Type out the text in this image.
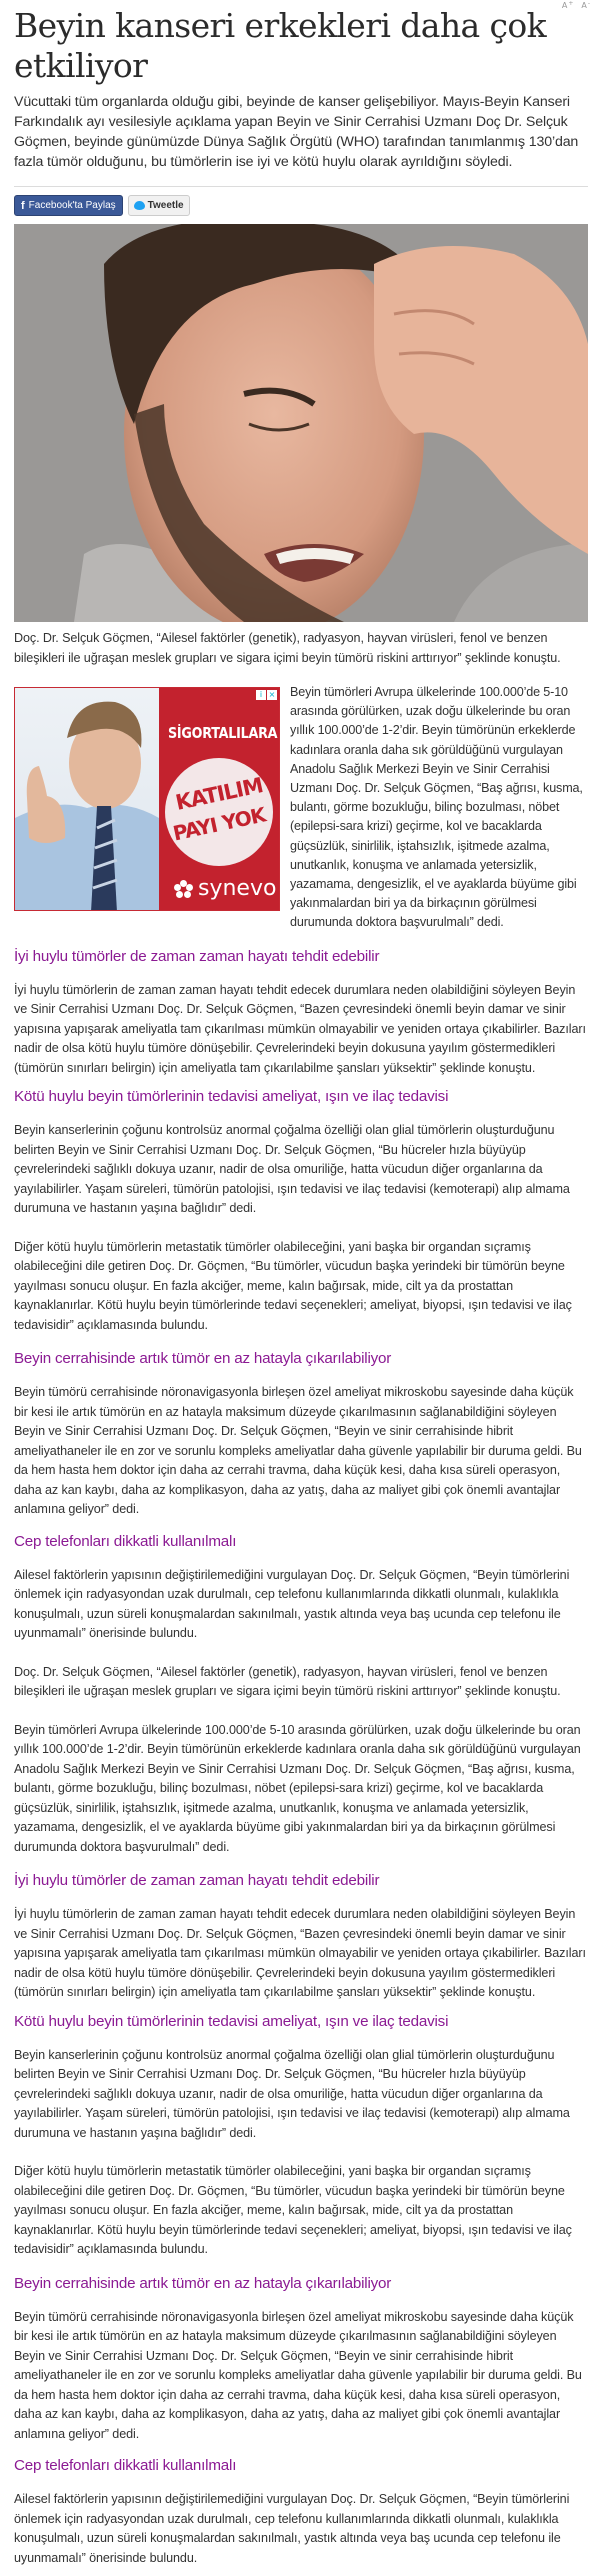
A + A -
Beyin kanseri erkekleri daha çok etkiliyor

Vücuttaki tüm organlarda olduğu gibi, beyinde de kanser gelişebiliyor. Mayıs-Beyin Kanseri Farkındalık ayı vesilesiyle açıklama yapan Beyin ve Sinir Cerrahisi Uzmanı Doç Dr. Selçuk Göçmen, beyinde günümüzde Dünya Sağlık Örgütü (WHO) tarafından tanımlanmış 130’dan fazla tümör olduğunu, bu tümörlerin ise iyi ve kötü huylu olarak ayrıldığını söyledi.

f Facebook'ta Paylaş	Tweetle

Doç. Dr. Selçuk Göçmen, “Ailesel faktörler (genetik), radyasyon, hayvan virüsleri, fenol ve benzen bileşikleri ile uğraşan meslek grupları ve sigara içimi beyin tümörü riskini arttırıyor” şeklinde konuştu.

i ×
SİGORTALILARA
KATILIM
PAYI YOK
synevo
Beyin tümörleri Avrupa ülkelerinde 100.000’de 5-10 arasında görülürken, uzak doğu ülkelerinde bu oran yıllık 100.000’de 1-2’dir. Beyin tümörünün erkeklerde kadınlara oranla daha sık görüldüğünü vurgulayan Anadolu Sağlık Merkezi Beyin ve Sinir Cerrahisi Uzmanı Doç. Dr. Selçuk Göçmen, “Baş ağrısı, kusma, bulantı, görme bozukluğu, bilinç bozulması, nöbet (epilepsi-sara krizi) geçirme, kol ve bacaklarda güçsüzlük, sinirlilik, iştahsızlık, işitmede azalma, unutkanlık, konuşma ve anlamada yetersizlik, yazamama, dengesizlik, el ve ayaklarda büyüme gibi yakınmalardan biri ya da birkaçının görülmesi durumunda doktora başvurulmalı” dedi.
İyi huylu tümörler de zaman zaman hayatı tehdit edebilir

İyi huylu tümörlerin de zaman zaman hayatı tehdit edecek durumlara neden olabildiğini söyleyen Beyin ve Sinir Cerrahisi Uzmanı Doç. Dr. Selçuk Göçmen, “Bazen çevresindeki önemli beyin damar ve sinir yapısına yapışarak ameliyatla tam çıkarılması mümkün olmayabilir ve yeniden ortaya çıkabilirler. Bazıları nadir de olsa kötü huylu tümöre dönüşebilir. Çevrelerindeki beyin dokusuna yayılım göstermedikleri (tümörün sınırları belirgin) için ameliyatla tam çıkarılabilme şansları yüksektir” şeklinde konuştu.

Kötü huylu beyin tümörlerinin tedavisi ameliyat, ışın ve ilaç tedavisi

Beyin kanserlerinin çoğunu kontrolsüz anormal çoğalma özelliği olan glial tümörlerin oluşturduğunu belirten Beyin ve Sinir Cerrahisi Uzmanı Doç. Dr. Selçuk Göçmen, “Bu hücreler hızla büyüyüp çevrelerindeki sağlıklı dokuya uzanır, nadir de olsa omuriliğe, hatta vücudun diğer organlarına da yayılabilirler. Yaşam süreleri, tümörün patolojisi, ışın tedavisi ve ilaç tedavisi (kemoterapi) alıp almama durumuna ve hastanın yaşına bağlıdır” dedi.

Diğer kötü huylu tümörlerin metastatik tümörler olabileceğini, yani başka bir organdan sıçramış olabileceğini dile getiren Doç. Dr. Göçmen, “Bu tümörler, vücudun başka yerindeki bir tümörün beyne yayılması sonucu oluşur. En fazla akciğer, meme, kalın bağırsak, mide, cilt ya da prostattan kaynaklanırlar. Kötü huylu beyin tümörlerinde tedavi seçenekleri; ameliyat, biyopsi, ışın tedavisi ve ilaç tedavisidir” açıklamasında bulundu.

Beyin cerrahisinde artık tümör en az hatayla çıkarılabiliyor

Beyin tümörü cerrahisinde nöronavigasyonla birleşen özel ameliyat mikroskobu sayesinde daha küçük bir kesi ile artık tümörün en az hatayla maksimum düzeyde çıkarılmasının sağlanabildiğini söyleyen Beyin ve Sinir Cerrahisi Uzmanı Doç. Dr. Selçuk Göçmen, “Beyin ve sinir cerrahisinde hibrit ameliyathaneler ile en zor ve sorunlu kompleks ameliyatlar daha güvenle yapılabilir bir duruma geldi. Bu da hem hasta hem doktor için daha az cerrahi travma, daha küçük kesi, daha kısa süreli operasyon, daha az kan kaybı, daha az komplikasyon, daha az yatış, daha az maliyet gibi çok önemli avantajlar anlamına geliyor” dedi.

Cep telefonları dikkatli kullanılmalı

Ailesel faktörlerin yapısının değiştirilemediğini vurgulayan Doç. Dr. Selçuk Göçmen, “Beyin tümörlerini önlemek için radyasyondan uzak durulmalı, cep telefonu kullanımlarında dikkatli olunmalı, kulaklıkla konuşulmalı, uzun süreli konuşmalardan sakınılmalı, yastık altında veya baş ucunda cep telefonu ile uyunmamalı” önerisinde bulundu.

Doç. Dr. Selçuk Göçmen, “Ailesel faktörler (genetik), radyasyon, hayvan virüsleri, fenol ve benzen bileşikleri ile uğraşan meslek grupları ve sigara içimi beyin tümörü riskini arttırıyor” şeklinde konuştu.

Beyin tümörleri Avrupa ülkelerinde 100.000’de 5-10 arasında görülürken, uzak doğu ülkelerinde bu oran yıllık 100.000’de 1-2’dir. Beyin tümörünün erkeklerde kadınlara oranla daha sık görüldüğünü vurgulayan Anadolu Sağlık Merkezi Beyin ve Sinir Cerrahisi Uzmanı Doç. Dr. Selçuk Göçmen, “Baş ağrısı, kusma, bulantı, görme bozukluğu, bilinç bozulması, nöbet (epilepsi-sara krizi) geçirme, kol ve bacaklarda güçsüzlük, sinirlilik, iştahsızlık, işitmede azalma, unutkanlık, konuşma ve anlamada yetersizlik, yazamama, dengesizlik, el ve ayaklarda büyüme gibi yakınmalardan biri ya da birkaçının görülmesi durumunda doktora başvurulmalı” dedi.

İyi huylu tümörler de zaman zaman hayatı tehdit edebilir

İyi huylu tümörlerin de zaman zaman hayatı tehdit edecek durumlara neden olabildiğini söyleyen Beyin ve Sinir Cerrahisi Uzmanı Doç. Dr. Selçuk Göçmen, “Bazen çevresindeki önemli beyin damar ve sinir yapısına yapışarak ameliyatla tam çıkarılması mümkün olmayabilir ve yeniden ortaya çıkabilirler. Bazıları nadir de olsa kötü huylu tümöre dönüşebilir. Çevrelerindeki beyin dokusuna yayılım göstermedikleri (tümörün sınırları belirgin) için ameliyatla tam çıkarılabilme şansları yüksektir” şeklinde konuştu.

Kötü huylu beyin tümörlerinin tedavisi ameliyat, ışın ve ilaç tedavisi

Beyin kanserlerinin çoğunu kontrolsüz anormal çoğalma özelliği olan glial tümörlerin oluşturduğunu belirten Beyin ve Sinir Cerrahisi Uzmanı Doç. Dr. Selçuk Göçmen, “Bu hücreler hızla büyüyüp çevrelerindeki sağlıklı dokuya uzanır, nadir de olsa omuriliğe, hatta vücudun diğer organlarına da yayılabilirler. Yaşam süreleri, tümörün patolojisi, ışın tedavisi ve ilaç tedavisi (kemoterapi) alıp almama durumuna ve hastanın yaşına bağlıdır” dedi.

Diğer kötü huylu tümörlerin metastatik tümörler olabileceğini, yani başka bir organdan sıçramış olabileceğini dile getiren Doç. Dr. Göçmen, “Bu tümörler, vücudun başka yerindeki bir tümörün beyne yayılması sonucu oluşur. En fazla akciğer, meme, kalın bağırsak, mide, cilt ya da prostattan kaynaklanırlar. Kötü huylu beyin tümörlerinde tedavi seçenekleri; ameliyat, biyopsi, ışın tedavisi ve ilaç tedavisidir” açıklamasında bulundu.

Beyin cerrahisinde artık tümör en az hatayla çıkarılabiliyor

Beyin tümörü cerrahisinde nöronavigasyonla birleşen özel ameliyat mikroskobu sayesinde daha küçük bir kesi ile artık tümörün en az hatayla maksimum düzeyde çıkarılmasının sağlanabildiğini söyleyen Beyin ve Sinir Cerrahisi Uzmanı Doç. Dr. Selçuk Göçmen, “Beyin ve sinir cerrahisinde hibrit ameliyathaneler ile en zor ve sorunlu kompleks ameliyatlar daha güvenle yapılabilir bir duruma geldi. Bu da hem hasta hem doktor için daha az cerrahi travma, daha küçük kesi, daha kısa süreli operasyon, daha az kan kaybı, daha az komplikasyon, daha az yatış, daha az maliyet gibi çok önemli avantajlar anlamına geliyor” dedi.

Cep telefonları dikkatli kullanılmalı

Ailesel faktörlerin yapısının değiştirilemediğini vurgulayan Doç. Dr. Selçuk Göçmen, “Beyin tümörlerini önlemek için radyasyondan uzak durulmalı, cep telefonu kullanımlarında dikkatli olunmalı, kulaklıkla konuşulmalı, uzun süreli konuşmalardan sakınılmalı, yastık altında veya baş ucunda cep telefonu ile uyunmamalı” önerisinde bulundu.
